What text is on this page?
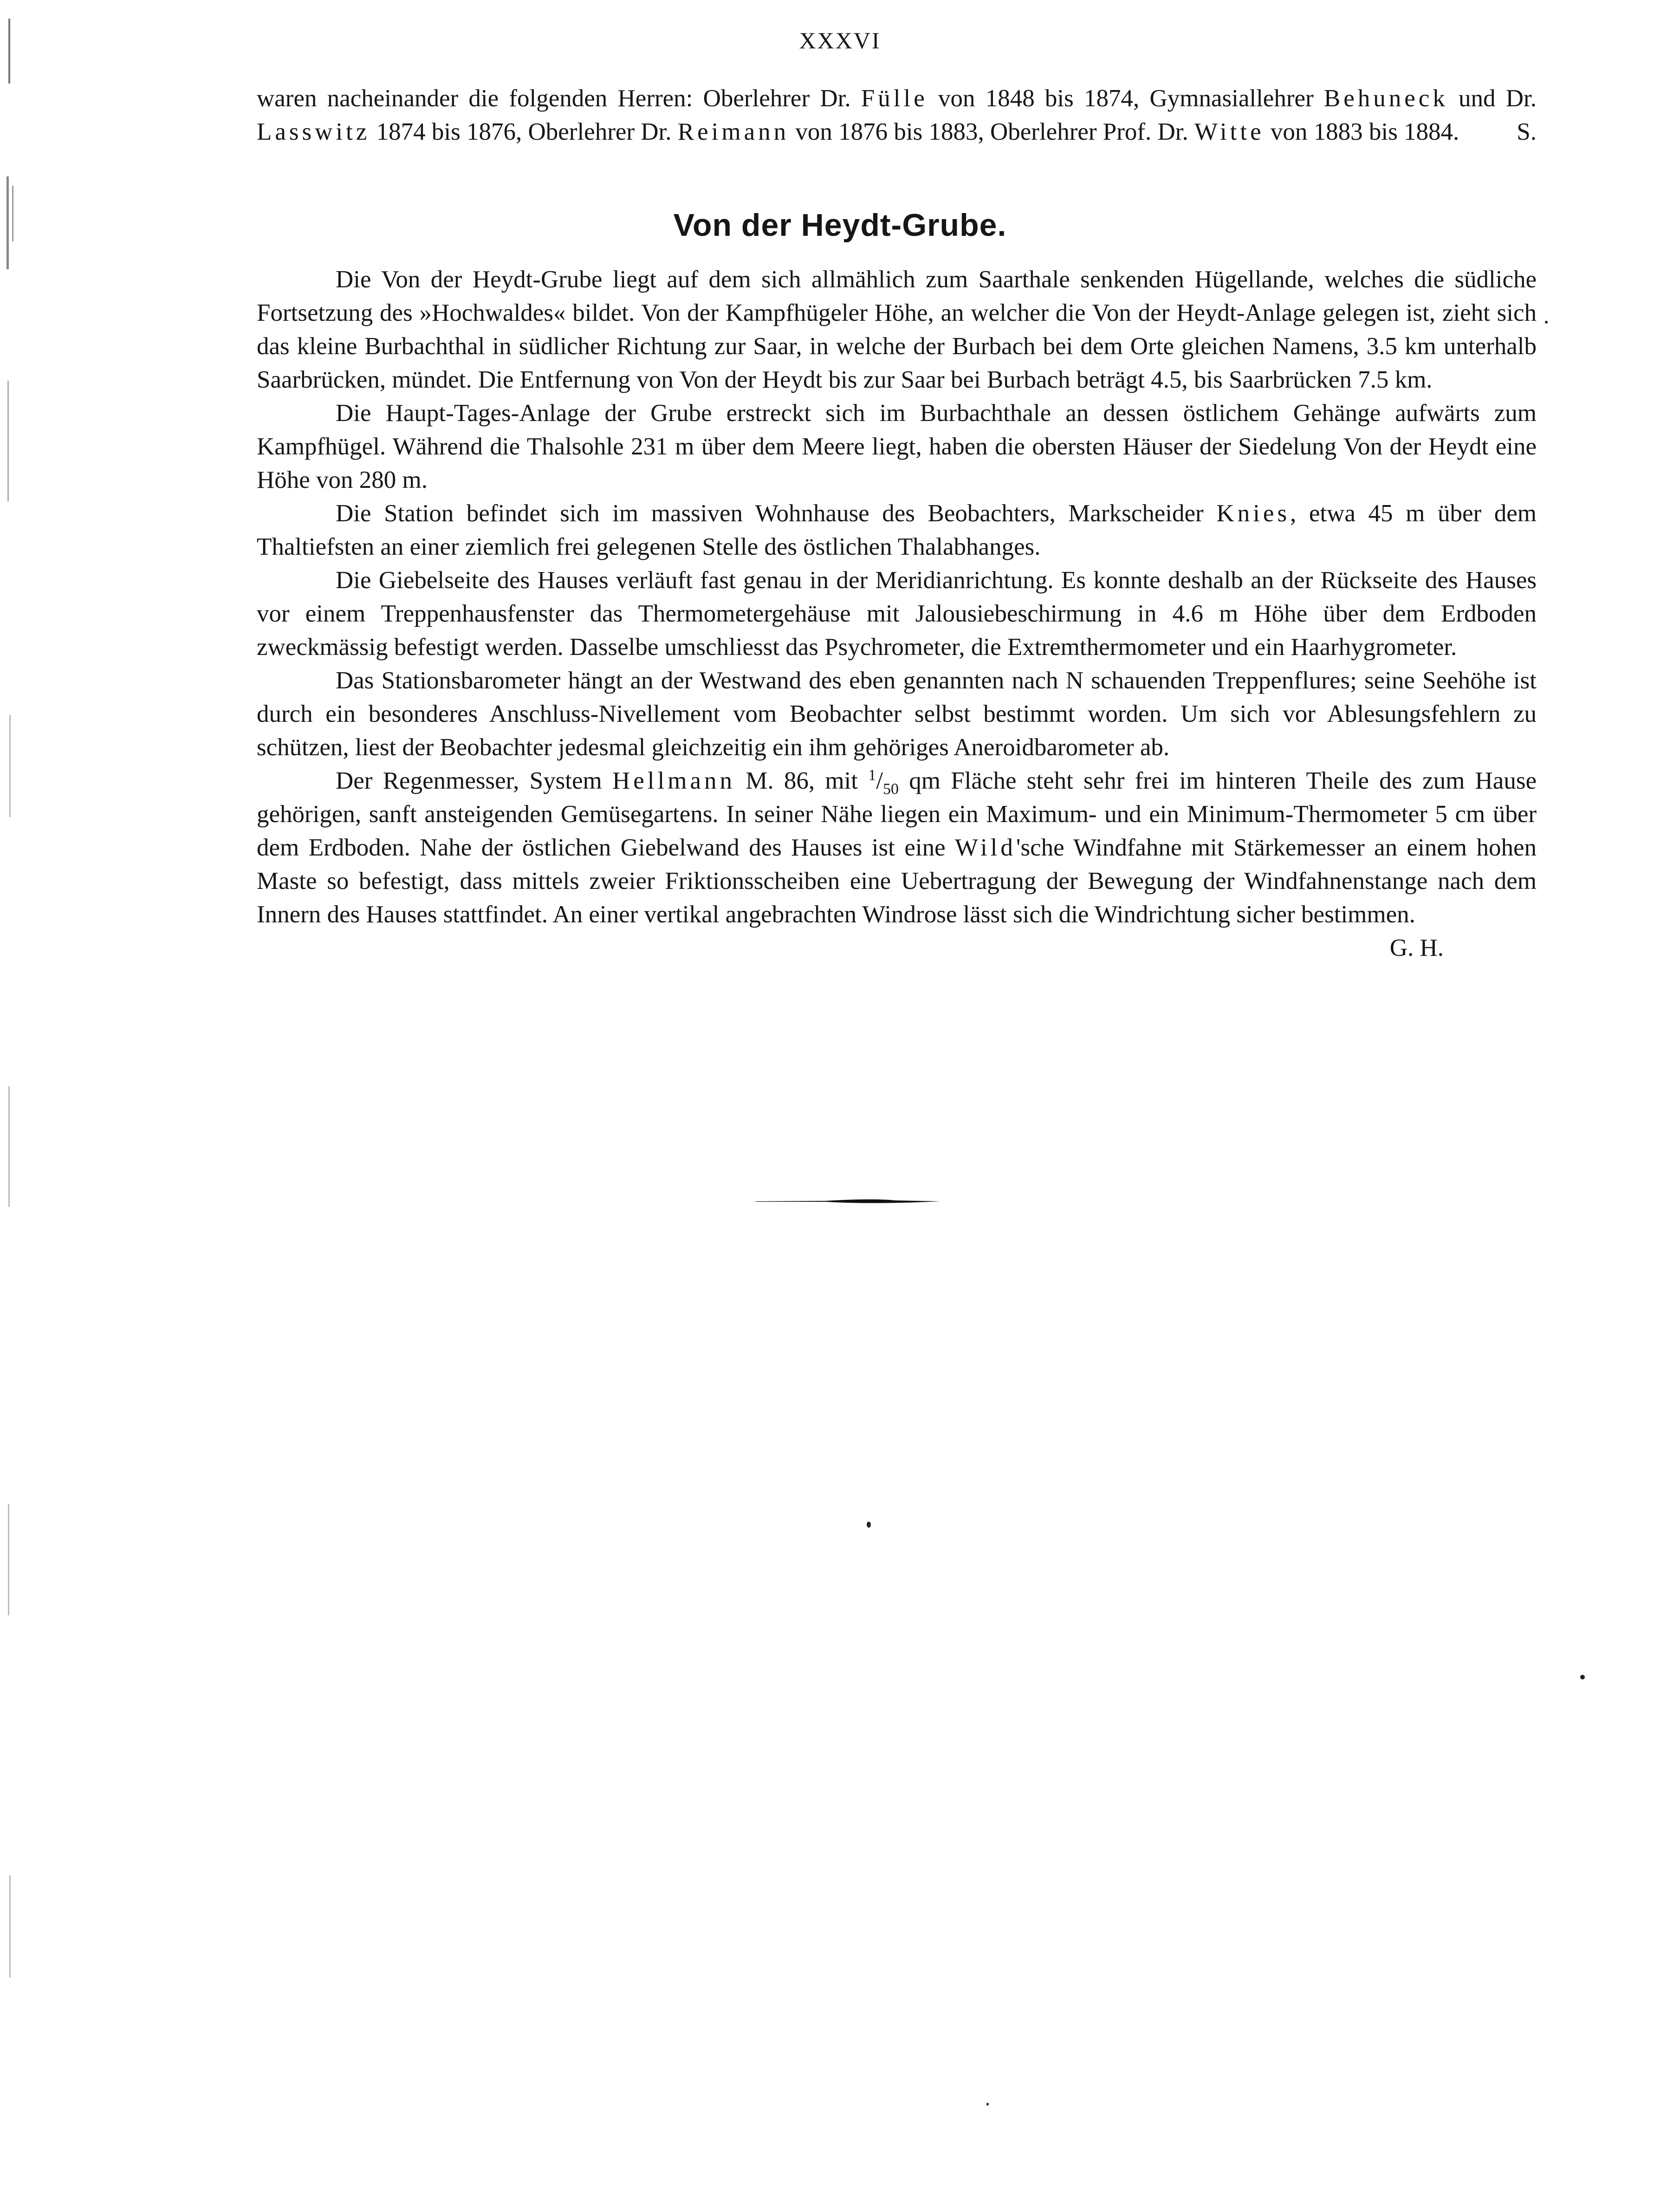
XXXVI

waren nacheinander die folgenden Herren: Oberlehrer Dr. Fülle von 1848 bis 1874, Gymnasiallehrer Behuneck und Dr. Lasswitz 1874 bis 1876, Oberlehrer Dr. Reimann von 1876 bis 1883, Oberlehrer Prof. Dr. Witte von 1883 bis 1884. S.

Von der Heydt-Grube.

Die Von der Heydt-Grube liegt auf dem sich allmählich zum Saarthale senkenden Hügellande, welches die südliche Fortsetzung des »Hochwaldes« bildet. Von der Kampfhügeler Höhe, an welcher die Von der Heydt-Anlage gelegen ist, zieht sich das kleine Burbachthal in südlicher Richtung zur Saar, in welche der Burbach bei dem Orte gleichen Namens, 3.5 km unterhalb Saarbrücken, mündet. Die Entfernung von Von der Heydt bis zur Saar bei Burbach beträgt 4.5, bis Saarbrücken 7.5 km.

Die Haupt-Tages-Anlage der Grube erstreckt sich im Burbachthale an dessen östlichem Gehänge aufwärts zum Kampfhügel. Während die Thalsohle 231 m über dem Meere liegt, haben die obersten Häuser der Siedelung Von der Heydt eine Höhe von 280 m.

Die Station befindet sich im massiven Wohnhause des Beobachters, Markscheider Knies, etwa 45 m über dem Thaltiefsten an einer ziemlich frei gelegenen Stelle des östlichen Thalabhanges.

Die Giebelseite des Hauses verläuft fast genau in der Meridianrichtung. Es konnte deshalb an der Rückseite des Hauses vor einem Treppenhausfenster das Thermometergehäuse mit Jalousiebeschirmung in 4.6 m Höhe über dem Erdboden zweckmässig befestigt werden. Dasselbe umschliesst das Psychrometer, die Extremthermometer und ein Haarhygrometer.

Das Stationsbarometer hängt an der Westwand des eben genannten nach N schauenden Treppenflures; seine Seehöhe ist durch ein besonderes Anschluss-Nivellement vom Beobachter selbst bestimmt worden. Um sich vor Ablesungsfehlern zu schützen, liest der Beobachter jedesmal gleichzeitig ein ihm gehöriges Aneroidbarometer ab.

Der Regenmesser, System Hellmann M. 86, mit $^1/_{50}$ qm Fläche steht sehr frei im hinteren Theile des zum Hause gehörigen, sanft ansteigenden Gemüsegartens. In seiner Nähe liegen ein Maximum- und ein Minimum-Thermometer 5 cm über dem Erdboden. Nahe der östlichen Giebelwand des Hauses ist eine Wild'sche Windfahne mit Stärkemesser an einem hohen Maste so befestigt, dass mittels zweier Friktionsscheiben eine Uebertragung der Bewegung der Windfahnenstange nach dem Innern des Hauses stattfindet. An einer vertikal angebrachten Windrose lässt sich die Windrichtung sicher bestimmen.
G. H.
